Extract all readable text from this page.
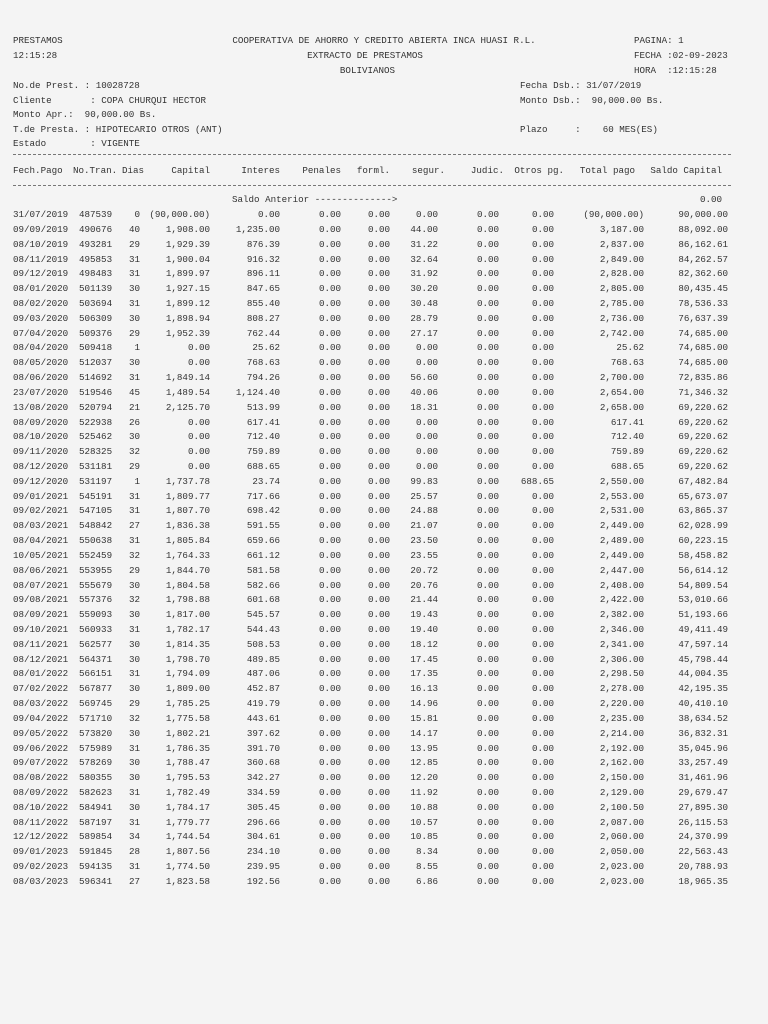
PRESTAMOS
12:15:28
COOPERATIVA DE AHORRO Y CREDITO ABIERTA INCA HUASI R.L.
EXTRACTO DE PRESTAMOS
BOLIVIANOS
PAGINA: 1
FECHA :02-09-2023
HORA  :12:15:28
No.de Prest. : 10028728
Cliente       : COPA CHURQUI HECTOR
Monto Apr.:  90,000.00 Bs.
T.de Presta. : HIPOTECARIO OTROS (ANT)
Estado        : VIGENTE
Fecha Dsb.: 31/07/2019
Monto Dsb.:  90,000.00 Bs.
Plazo     :    60 MES(ES)
Fech.Pago No.Tran. Dias	Capital	Interes Penales forml. segur.	Judic. Otros pg. Total pago Saldo Capital
Saldo Anterior -------------->	0.00
31/07/2019 487539 0 (90,000.00)	0.00	0.00	0.00	0.00	0.00	0.00	(90,000.00)	90,000.00
09/09/2019 490676 40	1,908.00	1,235.00	0.00	0.00 44.00	0.00	0.00	3,187.00	88,092.00
08/10/2019 493281 29	1,929.39	876.39	0.00	0.00 31.22	0.00	0.00	2,837.00	86,162.61
08/11/2019 495853 31	1,900.04	916.32	0.00	0.00 32.64	0.00	0.00	2,849.00	84,262.57
09/12/2019 498483 31	1,899.97	896.11	0.00	0.00 31.92	0.00	0.00	2,828.00	82,362.60
08/01/2020 501139 30	1,927.15	847.65	0.00	0.00 30.20	0.00	0.00	2,805.00	80,435.45
08/02/2020 503694 31	1,899.12	855.40	0.00	0.00 30.48	0.00	0.00	2,785.00	78,536.33
09/03/2020 506309 30	1,898.94	808.27	0.00	0.00 28.79	0.00	0.00	2,736.00	76,637.39
07/04/2020 509376 29	1,952.39	762.44	0.00	0.00 27.17	0.00	0.00	2,742.00	74,685.00
08/04/2020 509418 1	0.00	25.62	0.00	0.00	0.00	0.00	0.00	25.62	74,685.00
08/05/2020 512037 30	0.00	768.63	0.00	0.00	0.00	0.00	0.00	768.63	74,685.00
08/06/2020 514692 31	1,849.14	794.26	0.00	0.00 56.60	0.00	0.00	2,700.00	72,835.86
23/07/2020 519546 45	1,489.54	1,124.40	0.00	0.00 40.06	0.00	0.00	2,654.00	71,346.32
13/08/2020 520794 21	2,125.70	513.99	0.00	0.00 18.31	0.00	0.00	2,658.00	69,220.62
08/09/2020 522938 26	0.00	617.41	0.00	0.00	0.00	0.00	0.00	617.41	69,220.62
08/10/2020 525462 30	0.00	712.40	0.00	0.00	0.00	0.00	0.00	712.40	69,220.62
09/11/2020 528325 32	0.00	759.89	0.00	0.00	0.00	0.00	0.00	759.89	69,220.62
08/12/2020 531181 29	0.00	688.65	0.00	0.00	0.00	0.00	0.00	688.65	69,220.62
09/12/2020 531197 1	1,737.78	23.74	0.00	0.00 99.83	0.00 688.65	2,550.00	67,482.84
09/01/2021 545191 31	1,809.77	717.66	0.00	0.00 25.57	0.00	0.00	2,553.00	65,673.07
09/02/2021 547105 31	1,807.70	698.42	0.00	0.00 24.88	0.00	0.00	2,531.00	63,865.37
08/03/2021 548842 27	1,836.38	591.55	0.00	0.00 21.07	0.00	0.00	2,449.00	62,028.99
08/04/2021 550638 31	1,805.84	659.66	0.00	0.00 23.50	0.00	0.00	2,489.00	60,223.15
10/05/2021 552459 32	1,764.33	661.12	0.00	0.00 23.55	0.00	0.00	2,449.00	58,458.82
08/06/2021 553955 29	1,844.70	581.58	0.00	0.00 20.72	0.00	0.00	2,447.00	56,614.12
08/07/2021 555679 30	1,804.58	582.66	0.00	0.00 20.76	0.00	0.00	2,408.00	54,809.54
09/08/2021 557376 32	1,798.88	601.68	0.00	0.00 21.44	0.00	0.00	2,422.00	53,010.66
08/09/2021 559093 30	1,817.00	545.57	0.00	0.00 19.43	0.00	0.00	2,382.00	51,193.66
09/10/2021 560933 31	1,782.17	544.43	0.00	0.00 19.40	0.00	0.00	2,346.00	49,411.49
08/11/2021 562577 30	1,814.35	508.53	0.00	0.00 18.12	0.00	0.00	2,341.00	47,597.14
08/12/2021 564371 30	1,798.70	489.85	0.00	0.00 17.45	0.00	0.00	2,306.00	45,798.44
08/01/2022 566151 31	1,794.09	487.06	0.00	0.00 17.35	0.00	0.00	2,298.50	44,004.35
07/02/2022 567877 30	1,809.00	452.87	0.00	0.00 16.13	0.00	0.00	2,278.00	42,195.35
08/03/2022 569745 29	1,785.25	419.79	0.00	0.00 14.96	0.00	0.00	2,220.00	40,410.10
09/04/2022 571710 32	1,775.58	443.61	0.00	0.00 15.81	0.00	0.00	2,235.00	38,634.52
09/05/2022 573820 30	1,802.21	397.62	0.00	0.00 14.17	0.00	0.00	2,214.00	36,832.31
09/06/2022 575989 31	1,786.35	391.70	0.00	0.00 13.95	0.00	0.00	2,192.00	35,045.96
09/07/2022 578269 30	1,788.47	360.68	0.00	0.00 12.85	0.00	0.00	2,162.00	33,257.49
08/08/2022 580355 30	1,795.53	342.27	0.00	0.00 12.20	0.00	0.00	2,150.00	31,461.96
08/09/2022 582623 31	1,782.49	334.59	0.00	0.00 11.92	0.00	0.00	2,129.00	29,679.47
08/10/2022 584941 30	1,784.17	305.45	0.00	0.00 10.88	0.00	0.00	2,100.50	27,895.30
08/11/2022 587197 31	1,779.77	296.66	0.00	0.00 10.57	0.00	0.00	2,087.00	26,115.53
12/12/2022 589854 34	1,744.54	304.61	0.00	0.00 10.85	0.00	0.00	2,060.00	24,370.99
09/01/2023 591845 28	1,807.56	234.10	0.00	0.00	8.34	0.00	0.00	2,050.00	22,563.43
09/02/2023 594135 31	1,774.50	239.95	0.00	0.00	8.55	0.00	0.00	2,023.00	20,788.93
08/03/2023 596341 27	1,823.58	192.56	0.00	0.00	6.86	0.00	0.00	2,023.00	18,965.35
